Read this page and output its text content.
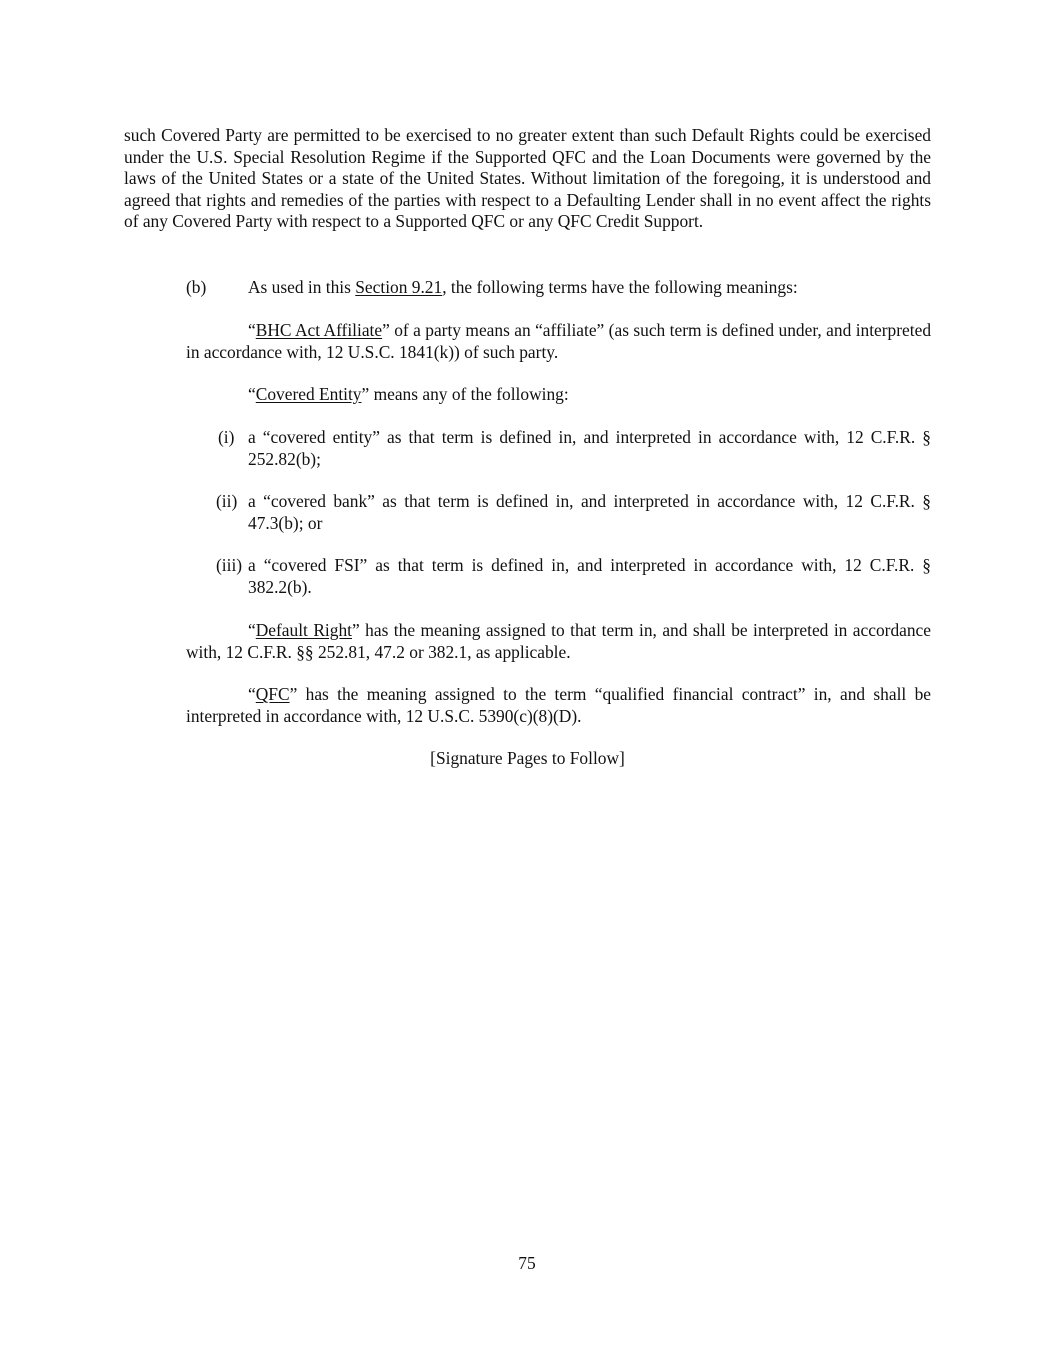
such Covered Party are permitted to be exercised to no greater extent than such Default Rights could be exercised under the U.S. Special Resolution Regime if the Supported QFC and the Loan Documents were governed by the laws of the United States or a state of the United States. Without limitation of the foregoing, it is understood and agreed that rights and remedies of the parties with respect to a Defaulting Lender shall in no event affect the rights of any Covered Party with respect to a Supported QFC or any QFC Credit Support.

(b) As used in this Section 9.21, the following terms have the following meanings:

“BHC Act Affiliate” of a party means an “affiliate” (as such term is defined under, and interpreted in accordance with, 12 U.S.C. 1841(k)) of such party.

“Covered Entity” means any of the following:

(i) a “covered entity” as that term is defined in, and interpreted in accordance with, 12 C.F.R. § 252.82(b);

(ii) a “covered bank” as that term is defined in, and interpreted in accordance with, 12 C.F.R. § 47.3(b); or

(iii) a “covered FSI” as that term is defined in, and interpreted in accordance with, 12 C.F.R. § 382.2(b).

“Default Right” has the meaning assigned to that term in, and shall be interpreted in accordance with, 12 C.F.R. §§ 252.81, 47.2 or 382.1, as applicable.

“QFC” has the meaning assigned to the term “qualified financial contract” in, and shall be interpreted in accordance with, 12 U.S.C. 5390(c)(8)(D).

[Signature Pages to Follow]
75
